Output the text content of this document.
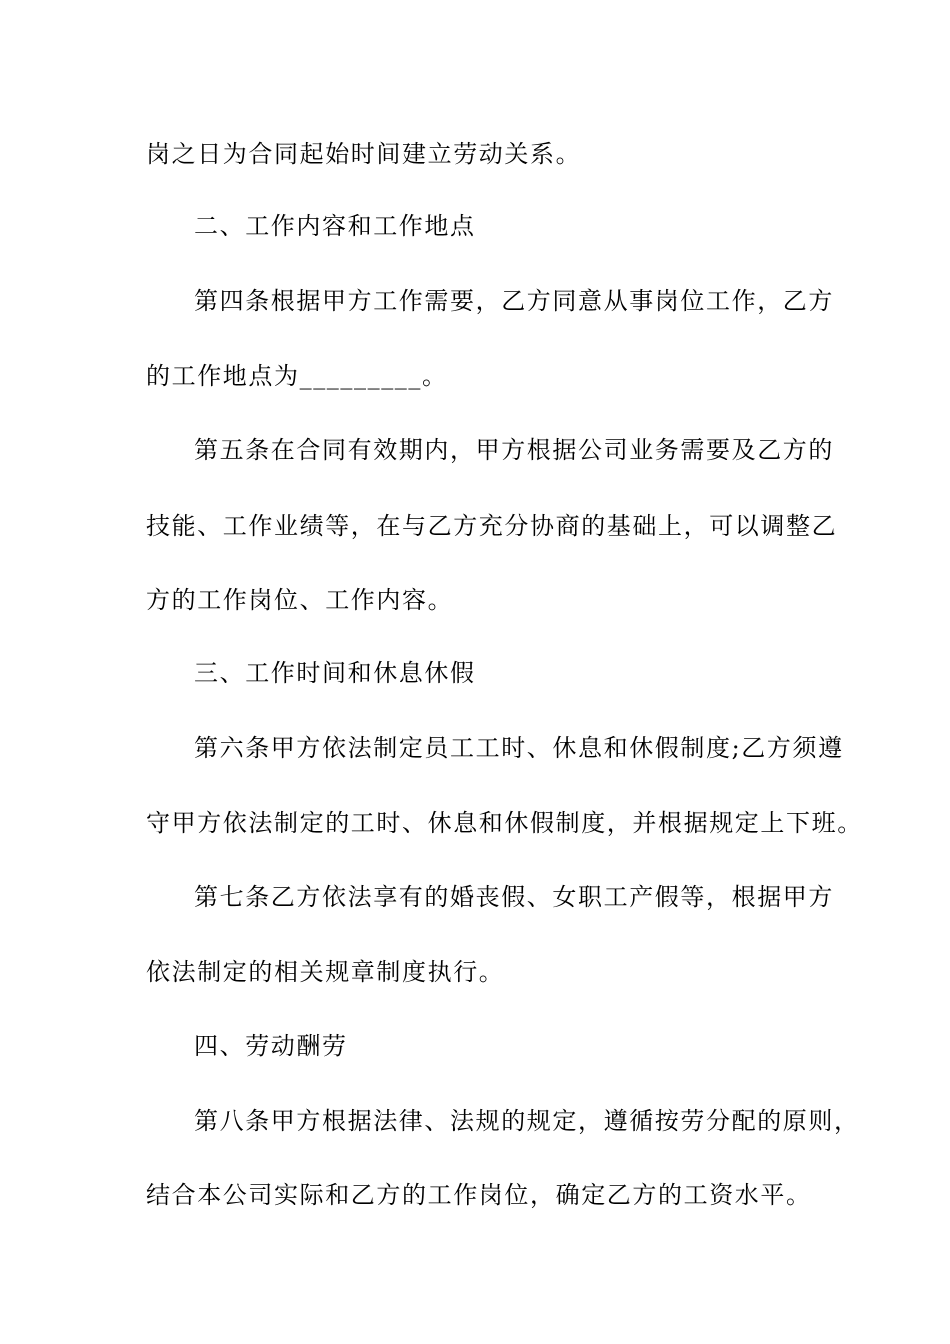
岗之日为合同起始时间建立劳动关系。
二、工作内容和工作地点
第四条根据甲方工作需要，乙方同意从事岗位工作，乙方
的工作地点为_________。
第五条在合同有效期内，甲方根据公司业务需要及乙方的
技能、工作业绩等，在与乙方充分协商的基础上，可以调整乙
方的工作岗位、工作内容。
三、工作时间和休息休假
第六条甲方依法制定员工工时、休息和休假制度;乙方须遵
守甲方依法制定的工时、休息和休假制度，并根据规定上下班。
第七条乙方依法享有的婚丧假、女职工产假等，根据甲方
依法制定的相关规章制度执行。
四、劳动酬劳
第八条甲方根据法律、法规的规定，遵循按劳分配的原则，
结合本公司实际和乙方的工作岗位，确定乙方的工资水平。
